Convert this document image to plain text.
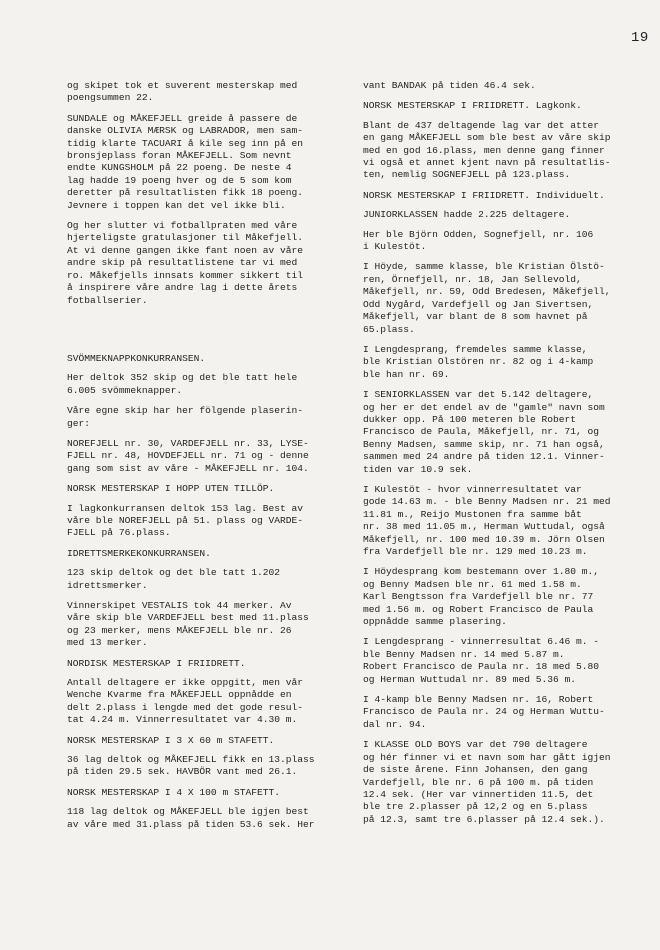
19

og skipet tok et suverent mesterskap med
poengsummen 22.

SUNDALE og MÅKEFJELL greide å passere de
danske OLIVIA MÆRSK og LABRADOR, men sam-
tidig klarte TACUARI å kile seg inn på en
bronsjeplass foran MÅKEFJELL. Som nevnt
endte KUNGSHOLM på 22 poeng. De neste 4
lag hadde 19 poeng hver og de 5 som kom
deretter på resultatlisten fikk 18 poeng.
Jevnere i toppen kan det vel ikke bli.

Og her slutter vi fotballpraten med våre
hjerteligste gratulasjoner til Måkefjell.
At vi denne gangen ikke fant noen av våre
andre skip på resultatlistene tar vi med
ro. Måkefjells innsats kommer sikkert til
å inspirere våre andre lag i dette årets
fotballserier.

SVÖMMEKNAPPKONKURRANSEN.

Her deltok 352 skip og det ble tatt hele
6.005 svömmeknapper.

Våre egne skip har her fölgende plaserin-
ger:

NOREFJELL nr. 30, VARDEFJELL nr. 33, LYSE-
FJELL nr. 48, HOVDEFJELL nr. 71 og - denne
gang som sist av våre - MÅKEFJELL nr. 104.

NORSK MESTERSKAP I HOPP UTEN TILLÖP.

I lagkonkurransen deltok 153 lag. Best av
våre ble NOREFJELL på 51. plass og VARDE-
FJELL på 76.plass.

IDRETTSMERKEKONKURRANSEN.

123 skip deltok og det ble tatt 1.202
idrettsmerker.

Vinnerskipet VESTALIS tok 44 merker. Av
våre skip ble VARDEFJELL best med 11.plass
og 23 merker, mens MÅKEFJELL ble nr. 26
med 13 merker.

NORDISK MESTERSKAP I FRIIDRETT.

Antall deltagere er ikke oppgitt, men vår
Wenche Kvarme fra MÅKEFJELL oppnådde en
delt 2.plass i lengde med det gode resul-
tat 4.24 m. Vinnerresultatet var 4.30 m.

NORSK MESTERSKAP I 3 X 60 m STAFETT.

36 lag deltok og MÅKEFJELL fikk en 13.plass
på tiden 29.5 sek. HAVBÖR vant med 26.1.

NORSK MESTERSKAP I 4 X 100 m STAFETT.

118 lag deltok og MÅKEFJELL ble igjen best
av våre med 31.plass på tiden 53.6 sek. Her

vant BANDAK på tiden 46.4 sek.

NORSK MESTERSKAP I FRIIDRETT. Lagkonk.

Blant de 437 deltagende lag var det atter
en gang MÅKEFJELL som ble best av våre skip
med en god 16.plass, men denne gang finner
vi også et annet kjent navn på resultatlis-
ten, nemlig SOGNEFJELL på 123.plass.

NORSK MESTERSKAP I FRIIDRETT. Individuelt.

JUNIORKLASSEN hadde 2.225 deltagere.

Her ble Björn Odden, Sognefjell, nr. 106
i Kulestöt.

I Höyde, samme klasse, ble Kristian Ölstö-
ren, Örnefjell, nr. 18, Jan Sellevold,
Måkefjell, nr. 59, Odd Bredesen, Måkefjell,
Odd Nygård, Vardefjell og Jan Sivertsen,
Måkefjell, var blant de 8 som havnet på
65.plass.

I Lengdesprang, fremdeles samme klasse,
ble Kristian Olstören nr. 82 og i 4-kamp
ble han nr. 69.

I SENIORKLASSEN var det 5.142 deltagere,
og her er det endel av de "gamle" navn som
dukker opp. På 100 meteren ble Robert
Francisco de Paula, Måkefjell, nr. 71, og
Benny Madsen, samme skip, nr. 71 han også,
sammen med 24 andre på tiden 12.1. Vinner-
tiden var 10.9 sek.

I Kulestöt - hvor vinnerresultatet var
gode 14.63 m. - ble Benny Madsen nr. 21 med
11.81 m., Reijo Mustonen fra samme båt
nr. 38 med 11.05 m., Herman Wuttudal, også
Måkefjell, nr. 100 med 10.39 m. Jörn Olsen
fra Vardefjell ble nr. 129 med 10.23 m.

I Höydesprang kom bestemann over 1.80 m.,
og Benny Madsen ble nr. 61 med 1.58 m.
Karl Bengtsson fra Vardefjell ble nr. 77
med 1.56 m. og Robert Francisco de Paula
oppnådde samme plasering.

I Lengdesprang - vinnerresultat 6.46 m. -
ble Benny Madsen nr. 14 med 5.87 m.
Robert Francisco de Paula nr. 18 med 5.80
og Herman Wuttudal nr. 89 med 5.36 m.

I 4-kamp ble Benny Madsen nr. 16, Robert
Francisco de Paula nr. 24 og Herman Wuttu-
dal nr. 94.

I KLASSE OLD BOYS var det 790 deltagere
og hér finner vi et navn som har gått igjen
de siste årene. Finn Johansen, den gang
Vardefjell, ble nr. 6 på 100 m. på tiden
12.4 sek. (Her var vinnertiden 11.5, det
ble tre 2.plasser på 12,2 og en 5.plass
på 12.3, samt tre 6.plasser på 12.4 sek.).
